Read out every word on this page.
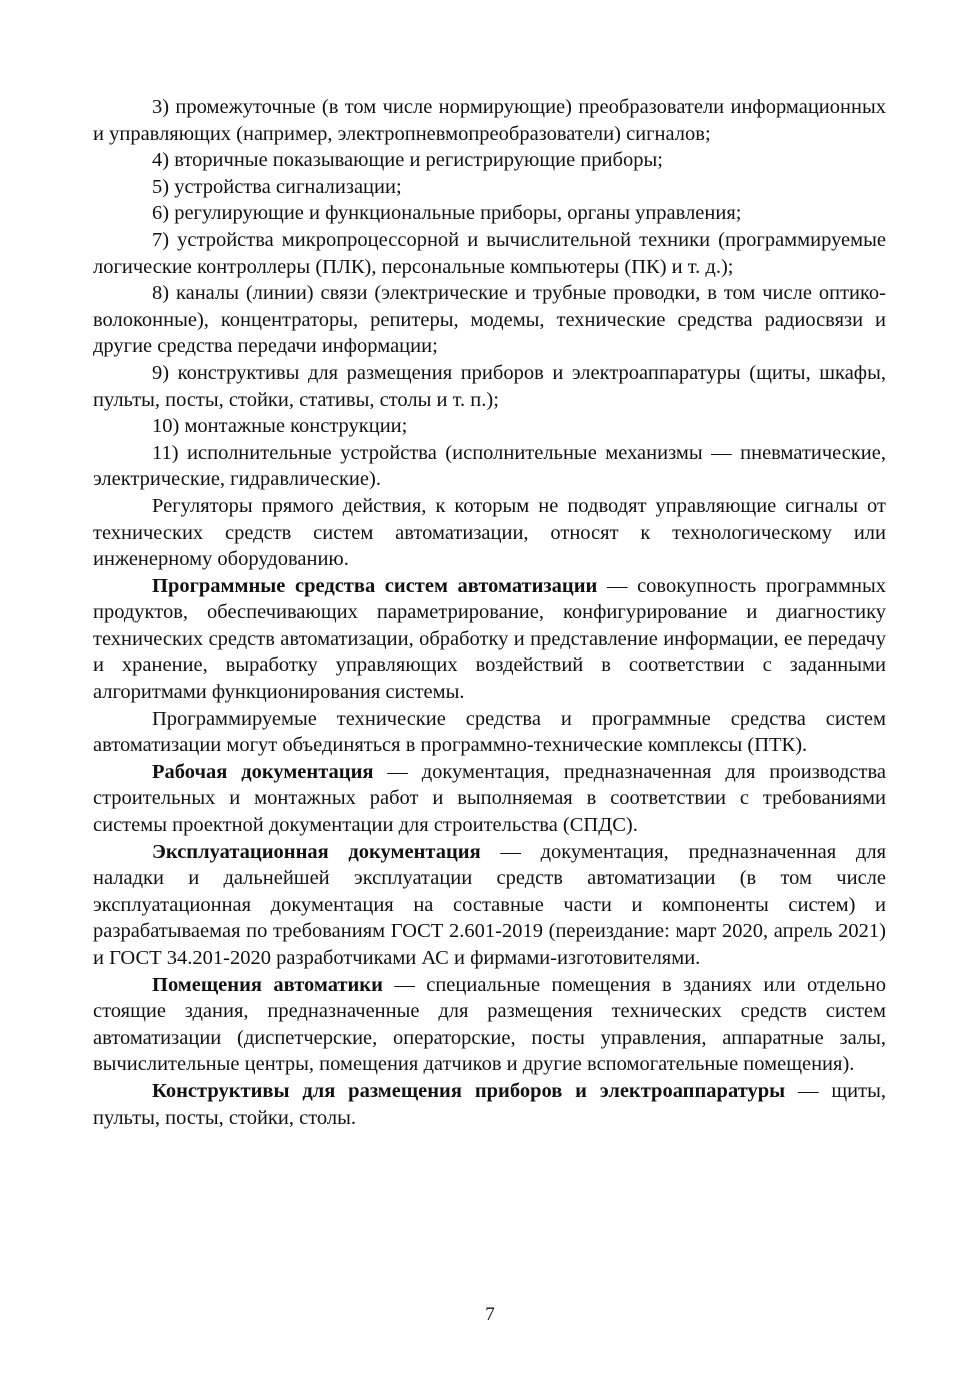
3) промежуточные (в том числе нормирующие) преобразователи информационных и управляющих (например, электропневмопреобразователи) сигналов;

4) вторичные показывающие и регистрирующие приборы;

5) устройства сигнализации;

6) регулирующие и функциональные приборы, органы управления;

7) устройства микропроцессорной и вычислительной техники (программируемые логические контроллеры (ПЛК), персональные компьютеры (ПК) и т. д.);

8) каналы (линии) связи (электрические и трубные проводки, в том числе оптико-волоконные), концентраторы, репитеры, модемы, технические средства радиосвязи и другие средства передачи информации;

9) конструктивы для размещения приборов и электроаппаратуры (щиты, шкафы, пульты, посты, стойки, стативы, столы и т. п.);

10) монтажные конструкции;

11) исполнительные устройства (исполнительные механизмы — пневматические, электрические, гидравлические).

Регуляторы прямого действия, к которым не подводят управляющие сигналы от технических средств систем автоматизации, относят к технологическому или инженерному оборудованию.

Программные средства систем автоматизации — совокупность программных продуктов, обеспечивающих параметрирование, конфигурирование и диагностику технических средств автоматизации, обработку и представление информации, ее передачу и хранение, выработку управляющих воздействий в соответствии с заданными алгоритмами функционирования системы.

Программируемые технические средства и программные средства систем автоматизации могут объединяться в программно-технические комплексы (ПТК).

Рабочая документация — документация, предназначенная для производства строительных и монтажных работ и выполняемая в соответствии с требованиями системы проектной документации для строительства (СПДС).

Эксплуатационная документация — документация, предназначенная для наладки и дальнейшей эксплуатации средств автоматизации (в том числе эксплуатационная документация на составные части и компоненты систем) и разрабатываемая по требованиям ГОСТ 2.601-2019 (переиздание: март 2020, апрель 2021) и ГОСТ 34.201-2020 разработчиками АС и фирмами-изготовителями.

Помещения автоматики — специальные помещения в зданиях или отдельно стоящие здания, предназначенные для размещения технических средств систем автоматизации (диспетчерские, операторские, посты управления, аппаратные залы, вычислительные центры, помещения датчиков и другие вспомогательные помещения).

Конструктивы для размещения приборов и электроаппаратуры — щиты, пульты, посты, стойки, столы.

7
